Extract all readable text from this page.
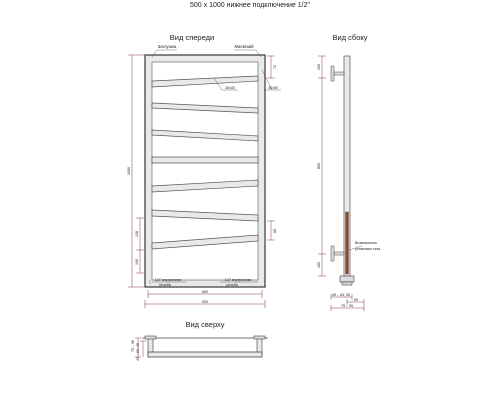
500 x 1000 нижнее подключение 1/2"
Вид спереди	Вид сбоку
Вид сверху
Заглушка	Маевский
30х30	30х50
1000
138
100
72
68
1/2" внутренняя
резьба
1/2" внутренняя
резьба
500
530
100
800
100
Возможность
установки тэна
45 – 63, 35
60
75 – 95
75 – 95 45 – 63, 35
